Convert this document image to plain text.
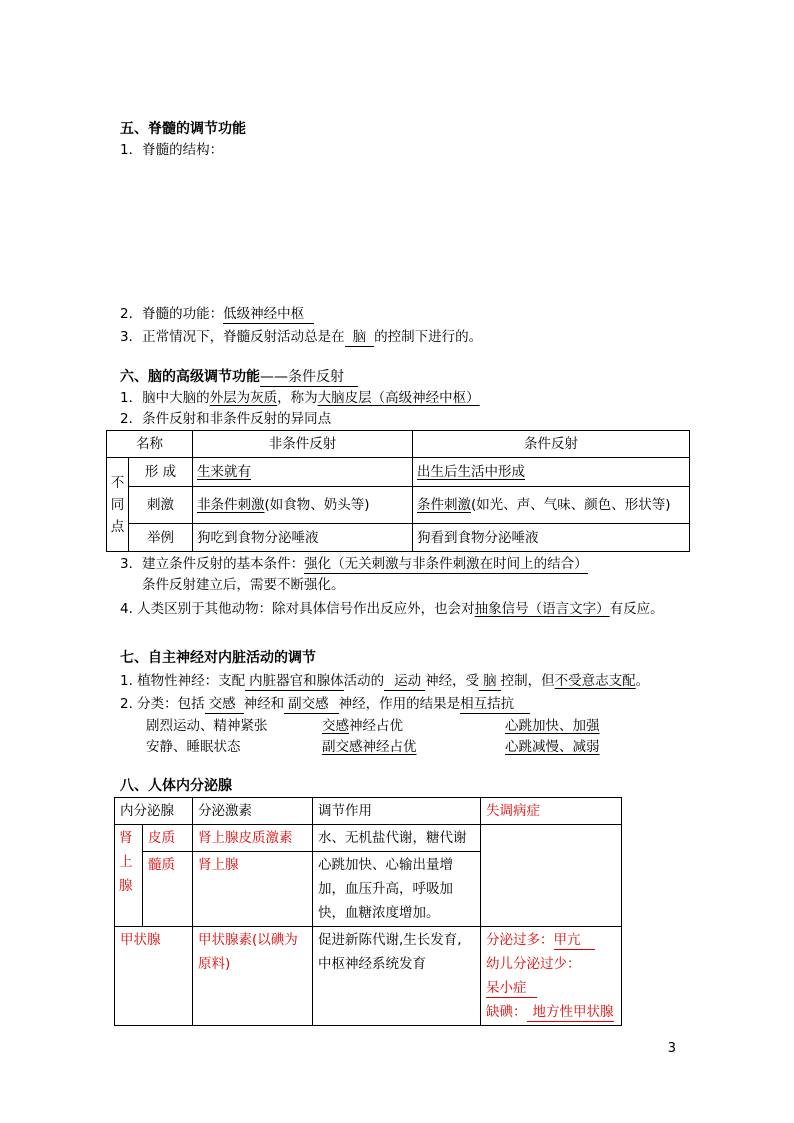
五、脊髓的调节功能
1．脊髓的结构：
2．脊髓的功能：低级神经中枢
3．正常情况下，脊髓反射活动总是在 脑 的控制下进行的。
六、脑的高级调节功能——条件反射
1．脑中大脑的外层为灰质，称为大脑皮层（高级神经中枢）
2．条件反射和非条件反射的异同点
名称		非条件反射	条件反射
不同点	形 成	生来就有	出生后生活中形成
	刺激	非条件刺激(如食物、奶头等)	条件刺激(如光、声、气味、颜色、形状等)
	举例	狗吃到食物分泌唾液	狗看到食物分泌唾液
3．建立条件反射的基本条件：强化（无关刺激与非条件刺激在时间上的结合）
条件反射建立后，需要不断强化。
4. 人类区别于其他动物：除对具体信号作出反应外，也会对抽象信号（语言文字）有反应。
七、自主神经对内脏活动的调节
1. 植物性神经：支配 内脏器官和腺体活动的 运动 神经，受 脑 控制，但不受意志支配。
2. 分类：包括 交感 神经和 副交感 神经，作用的结果是相互拮抗
剧烈运动、精神紧张	交感神经占优	心跳加快、加强
安静、睡眠状态	副交感神经占优	心跳减慢、减弱
八、人体内分泌腺
内分泌腺		分泌激素	调节作用	失调病症
肾上腺	皮质	肾上腺皮质激素	水、无机盐代谢，糖代谢	
	髓质	肾上腺	心跳加快、心输出量增加，血压升高，呼吸加快，血糖浓度增加。	
甲状腺		甲状腺素(以碘为原料)	促进新陈代谢,生长发育,中枢神经系统发育	分泌过多：甲亢
幼儿分泌过少：呆小症
缺碘： 地方性甲状腺
3
